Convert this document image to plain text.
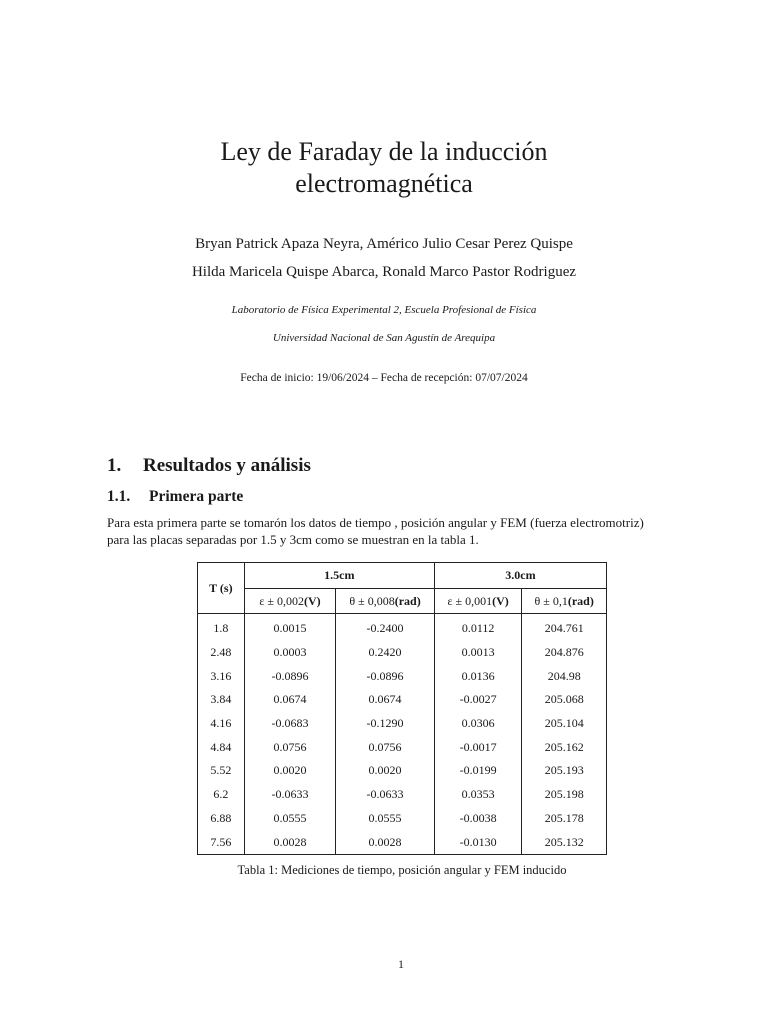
Ley de Faraday de la inducción
electromagnética
Bryan Patrick Apaza Neyra, Américo Julio Cesar Perez Quispe
Hilda Maricela Quispe Abarca, Ronald Marco Pastor Rodriguez
Laboratorio de Física Experimental 2, Escuela Profesional de Física
Universidad Nacional de San Agustín de Arequipa
Fecha de inicio: 19/06/2024 – Fecha de recepción: 07/07/2024
1. Resultados y análisis
1.1. Primera parte
Para esta primera parte se tomarón los datos de tiempo , posición angular y FEM (fuerza electromotriz) para las placas separadas por 1.5 y 3cm como se muestran en la tabla 1.
T (s)	1.5cm		3.0cm	
	ε ± 0,002(V)	θ ± 0,008(rad)	ε ± 0,001(V)	θ ± 0,1(rad)
1.8	0.0015	-0.2400	0.0112	204.761
2.48	0.0003	0.2420	0.0013	204.876
3.16	-0.0896	-0.0896	0.0136	204.98
3.84	0.0674	0.0674	-0.0027	205.068
4.16	-0.0683	-0.1290	0.0306	205.104
4.84	0.0756	0.0756	-0.0017	205.162
5.52	0.0020	0.0020	-0.0199	205.193
6.2	-0.0633	-0.0633	0.0353	205.198
6.88	0.0555	0.0555	-0.0038	205.178
7.56	0.0028	0.0028	-0.0130	205.132
Tabla 1: Mediciones de tiempo, posición angular y FEM inducido
1
